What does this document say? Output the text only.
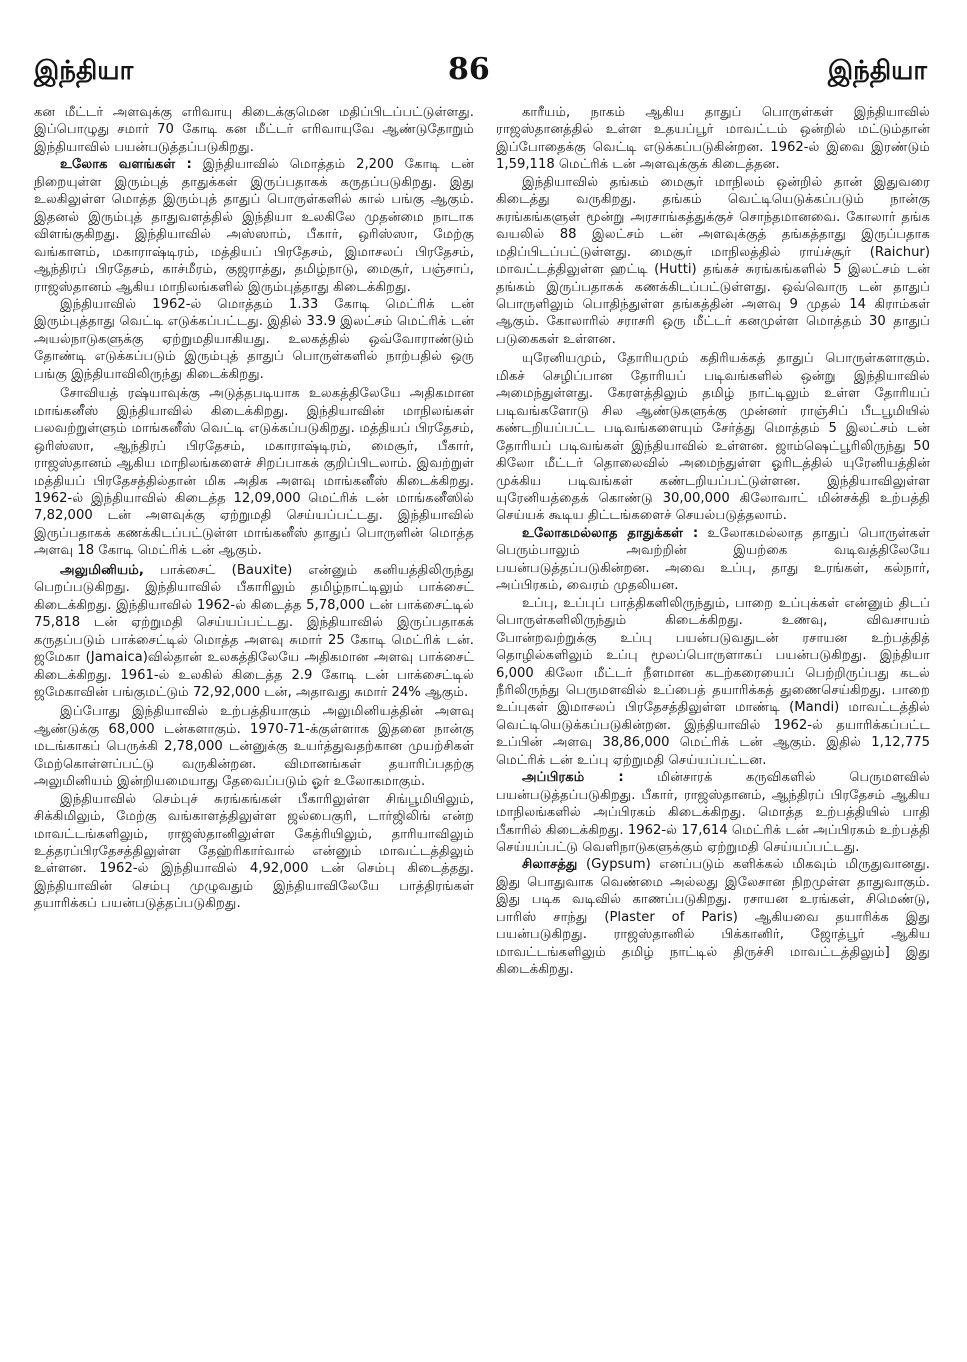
இந்தியா	86	இந்தியா

கன மீட்டர் அளவுக்கு எரிவாயு கிடைக்குமென மதிப்பிடப்பட்டுள்ளது. இப்பொழுது சமார் 70 கோடி கன மீட்டர் எரிவாயுவே ஆண்டுதோறும் இந்தியாவில் பயன்படுத்தப்படுகிறது.

உலோக வளங்கள் : இந்தியாவில் மொத்தம் 2,200 கோடி டன் நிறையுள்ள இரும்புத் தாதுக்கள் இருப்பதாகக் கருதப்படுகிறது. இது உலகிலுள்ள மொத்த இரும்புத் தாதுப் பொருள்களில் கால் பங்கு ஆகும். இதனல் இரும்புத் தாதுவளத்தில் இந்தியா உலகிலே முதன்மை நாடாக விளங்குகிறது. இந்தியாவில் அஸ்ஸாம், பீகார், ஒரிஸ்ஸா, மேற்கு வங்காளம், மகாராஷ்டிரம், மத்தியப் பிரதேசம், இமாசலப் பிரதேசம், ஆந்திரப் பிரதேசம், காச்மீரம், குஜராத்து, தமிழ்நாடு, மைசூர், பஞ்சாப், ராஜஸ்தானம் ஆகிய மாநிலங்களில் இரும்புத்தாது கிடைக்கிறது.

இந்தியாவில் 1962-ல் மொத்தம் 1.33 கோடி மெட்ரிக் டன் இரும்புத்தாது வெட்டி எடுக்கப்பட்டது. இதில் 33.9 இலட்சம் மெட்ரிக் டன் அயல்நாடுகளுக்கு ஏற்றுமதியாகியது. உலகத்தில் ஒவ்வோராண்டும் தோண்டி எடுக்கப்படும் இரும்புத் தாதுப் பொருள்களில் நாற்பதில் ஒரு பங்கு இந்தியாவிலிருந்து கிடைக்கிறது.

சோவியத் ரஷ்யாவுக்கு அடுத்தபடியாக உலகத்திலேயே அதிகமான மாங்கனீஸ் இந்தியாவில் கிடைக்கிறது. இந்தியாவின் மாநிலங்கள் பலவற்றுள்ளும் மாங்கனீஸ் வெட்டி எடுக்கப்படுகிறது. மத்தியப் பிரதேசம், ஒரிஸ்ஸா, ஆந்திரப் பிரதேசம், மகாராஷ்டிரம், மைசூர், பீகார், ராஜஸ்தானம் ஆகிய மாநிலங்களைச் சிறப்பாகக் குறிப்பிடலாம். இவற்றுள் மத்தியப் பிரதேசத்தில்தான் மிக அதிக அளவு மாங்கனீஸ் கிடைக்கிறது. 1962-ல் இந்தியாவில் கிடைத்த 12,09,000 மெட்ரிக் டன் மாங்கனீஸில் 7,82,000 டன் அளவுக்கு ஏற்றுமதி செய்யப்பட்டது. இந்தியாவில் இருப்பதாகக் கணக்கிடப்பட்டுள்ள மாங்கனீஸ் தாதுப் பொருளின் மொத்த அளவு 18 கோடி மெட்ரிக் டன் ஆகும்.

அலுமினியம், பாக்சைட் (Bauxite) என்னும் கனியத்திலிருந்து பெறப்படுகிறது. இந்தியாவில் பீகாரிலும் தமிழ்நாட்டிலும் பாக்சைட் கிடைக்கிறது. இந்தியாவில் 1962-ல் கிடைத்த 5,78,000 டன் பாக்சைட்டில் 75,818 டன் ஏற்றுமதி செய்யப்பட்டது. இந்தியாவில் இருப்பதாகக் கருதப்படும் பாக்சைட்டில் மொத்த அளவு சுமார் 25 கோடி மெட்ரிக் டன். ஜமேகா (Jamaica)வில்தான் உலகத்திலேயே அதிகமான அளவு பாக்சைட் கிடைக்கிறது. 1961-ல் உலகில் கிடைத்த 2.9 கோடி டன் பாக்சைட்டில் ஜமேகாவின் பங்குமட்டும் 72,92,000 டன், அதாவது சுமார் 24% ஆகும்.

இப்போது இந்தியாவில் உற்பத்தியாகும் அலுமினியத்தின் அளவு ஆண்டுக்கு 68,000 டன்களாகும். 1970-71-க்குள்ளாக இதனை நான்கு மடங்காகப் பெருக்கி 2,78,000 டன்னுக்கு உயர்த்துவதற்கான முயற்சிகள் மேற்கொள்ளப்பட்டு வருகின்றன. விமானங்கள் தயாரிப்பதற்கு அலுமினியம் இன்றியமையாது தேவைப்படும் ஓர் உலோகமாகும்.

இந்தியாவில் செம்புச் சுரங்கங்கள் பீகாரிலுள்ள சிங்பூமியிலும், சிக்கிமிலும், மேற்கு வங்காளத்திலுள்ள ஜல்பைகுரி, டார்ஜிலிங் என்ற மாவட்டங்களிலும், ராஜஸ்தானிலுள்ள கேத்ரியிலும், தாரியாவிலும் உத்தரப்பிரதேசத்திலுள்ள தேஹ்ரிகார்வால் என்னும் மாவட்டத்திலும் உள்ளன. 1962-ல் இந்தியாவில் 4,92,000 டன் செம்பு கிடைத்தது. இந்தியாவின் செம்பு முழுவதும் இந்தியாவிலேயே பாத்திரங்கள் தயாரிக்கப் பயன்படுத்தப்படுகிறது.

காரீயம், நாகம் ஆகிய தாதுப் பொருள்கள் இந்தியாவில் ராஜஸ்தானத்தில் உள்ள உதயப்பூர் மாவட்டம் ஒன்றில் மட்டும்தான் இப்போதைக்கு வெட்டி எடுக்கப்படுகின்றன. 1962-ல் இவை இரண்டும் 1,59,118 மெட்ரிக் டன் அளவுக்குக் கிடைத்தன.

இந்தியாவில் தங்கம் மைசூர் மாநிலம் ஒன்றில் தான் இதுவரை கிடைத்து வருகிறது. தங்கம் வெட்டியெடுக்கப்படும் நான்கு சுரங்கங்களுள் மூன்று அரசாங்கத்துக்குச் சொந்தமானவை. கோலார் தங்க வயலில் 88 இலட்சம் டன் அளவுக்குத் தங்கத்தாது இருப்பதாக மதிப்பிடப்பட்டுள்ளது. மைசூர் மாநிலத்தில் ராய்ச்சூர் (Raichur) மாவட்டத்திலுள்ள ஹட்டி (Hutti) தங்கச் சுரங்கங்களில் 5 இலட்சம் டன் தங்கம் இருப்பதாகக் கணக்கிடப்பட்டுள்ளது. ஒவ்வொரு டன் தாதுப் பொருளிலும் பொதிந்துள்ள தங்கத்தின் அளவு 9 முதல் 14 கிராம்கள் ஆகும். கோலாரில் சராசரி ஒரு மீட்டர் கனமுள்ள மொத்தம் 30 தாதுப் படுகைகள் உள்ளன.

யுரேனியமும், தோரியமும் கதிரியக்கத் தாதுப் பொருள்களாகும். மிகச் செழிப்பான தோரியப் படிவங்களில் ஒன்று இந்தியாவில் அமைந்துள்ளது. கேரளத்திலும் தமிழ் நாட்டிலும் உள்ள தோரியப் படிவங்களோடு சில ஆண்டுகளுக்கு முன்னர் ராஞ்சிப் பீடபூமியில் கண்டறியப்பட்ட படிவங்களையும் சேர்த்து மொத்தம் 5 இலட்சம் டன் தோரியப் படிவங்கள் இந்தியாவில் உள்ளன. ஜாம்ஷெட்பூரிலிருந்து 50 கிலோ மீட்டர் தொலைவில் அமைந்துள்ள ஓரிடத்தில் யுரேனியத்தின் முக்கிய படிவங்கள் கண்டறியப்பட்டுள்ளன. இந்தியாவிலுள்ள யுரேனியத்தைக் கொண்டு 30,00,000 கிலோவாட் மின்சக்தி உற்பத்தி செய்யக் கூடிய திட்டங்களைச் செயல்படுத்தலாம்.

உலோகமல்லாத தாதுக்கள் : உலோகமல்லாத தாதுப் பொருள்கள் பெரும்பாலும் அவற்றின் இயற்கை வடிவத்திலேயே பயன்படுத்தப்படுகின்றன. அவை உப்பு, தாது உரங்கள், கல்நார், அப்பிரகம், வைரம் முதலியன.

உப்பு, உப்புப் பாத்திகளிலிருந்தும், பாறை உப்புக்கள் என்னும் திடப் பொருள்களிலிருந்தும் கிடைக்கிறது. உணவு, விவசாயம் போன்றவற்றுக்கு உப்பு பயன்படுவதுடன் ரசாயன உற்பத்தித் தொழில்களிலும் உப்பு மூலப்பொருளாகப் பயன்படுகிறது. இந்தியா 6,000 கிலோ மீட்டர் நீளமான கடற்கரையைப் பெற்றிருப்பது கடல் நீரிலிருந்து பெருமளவில் உப்பைத் தயாரிக்கத் துணைசெய்கிறது. பாறை உப்புகள் இமாசலப் பிரதேசத்திலுள்ள மாண்டி (Mandi) மாவட்டத்தில் வெட்டியெடுக்கப்படுகின்றன. இந்தியாவில் 1962-ல் தயாரிக்கப்பட்ட உப்பின் அளவு 38,86,000 மெட்ரிக் டன் ஆகும். இதில் 1,12,775 மெட்ரிக் டன் உப்பு ஏற்றுமதி செய்யப்பட்டன.

அப்பிரகம் : மின்சாரக் கருவிகளில் பெருமளவில் பயன்படுத்தப்படுகிறது. பீகார், ராஜஸ்தானம், ஆந்திரப் பிரதேசம் ஆகிய மாநிலங்களில் அப்பிரகம் கிடைக்கிறது. மொத்த உற்பத்தியில் பாதி பீகாரில் கிடைக்கிறது. 1962-ல் 17,614 மெட்ரிக் டன் அப்பிரகம் உற்பத்தி செய்யப்பட்டு வெளிநாடுகளுக்கும் ஏற்றுமதி செய்யப்பட்டது.

சிலாசத்து (Gypsum) எனப்படும் களிக்கல் மிகவும் மிருதுவானது. இது பொதுவாக வெண்மை அல்லது இலேசான நிறமுள்ள தாதுவாகும். இது படிக வடிவில் காணப்படுகிறது. ரசாயன உரங்கள், சிமெண்டு, பாரிஸ் சாந்து (Plaster of Paris) ஆகியவை தயாரிக்க இது பயன்படுகிறது. ராஜஸ்தானில் பிக்கானிர், ஜோத்பூர் ஆகிய மாவட்டங்களிலும் தமிழ் நாட்டில் திருச்சி மாவட்டத்திலும்] இது கிடைக்கிறது.
